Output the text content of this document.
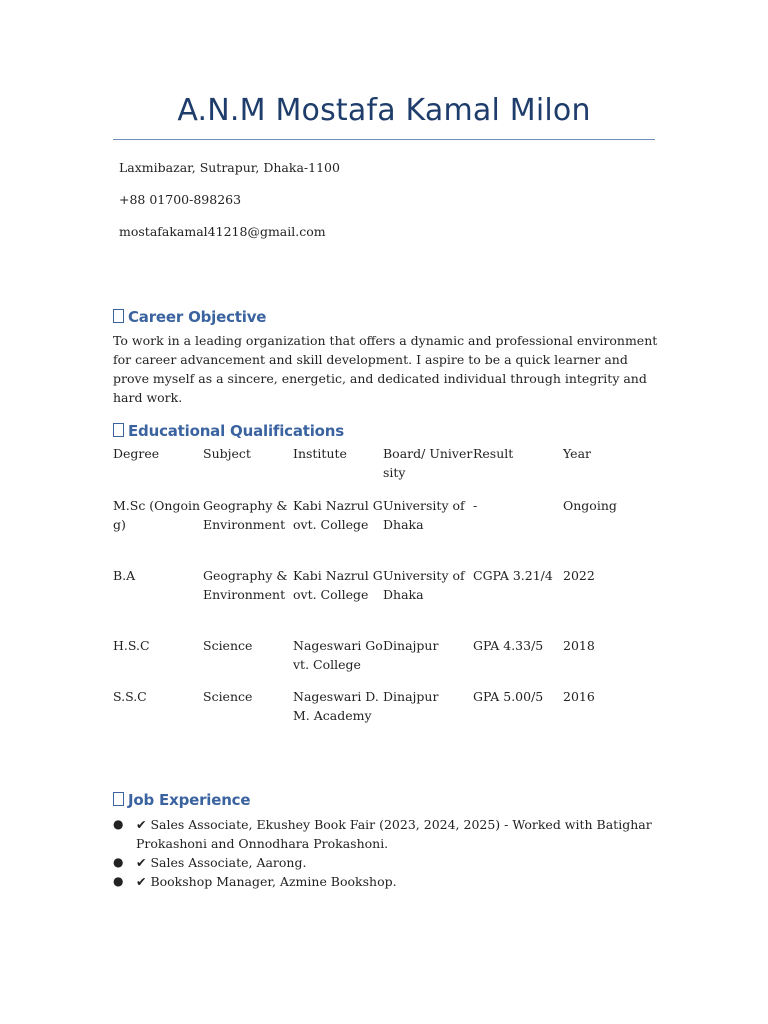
A.N.M Mostafa Kamal Milon
Laxmibazar, Sutrapur, Dhaka-1100
+88 01700-898263
mostafakamal41218@gmail.com
Career Objective
To work in a leading organization that offers a dynamic and professional environment for career advancement and skill development. I aspire to be a quick learner and prove myself as a sincere, energetic, and dedicated individual through integrity and hard work.
Educational Qualifications
Degree	Subject	Institute	Board/ University	Result	Year
M.Sc (Ongoing)	Geography & Environment	Kabi Nazrul Govt. College	University of Dhaka	-	Ongoing
B.A	Geography & Environment	Kabi Nazrul Govt. College	University of Dhaka	CGPA 3.21/4	2022
H.S.C	Science	Nageswari Govt. College	Dinajpur	GPA 4.33/5	2018
S.S.C	Science	Nageswari D.M. Academy	Dinajpur	GPA 5.00/5	2016
Job Experience
● ✔ Sales Associate, Ekushey Book Fair (2023, 2024, 2025) - Worked with Batighar Prokashoni and Onnodhara Prokashoni.
● ✔ Sales Associate, Aarong.
● ✔ Bookshop Manager, Azmine Bookshop.
